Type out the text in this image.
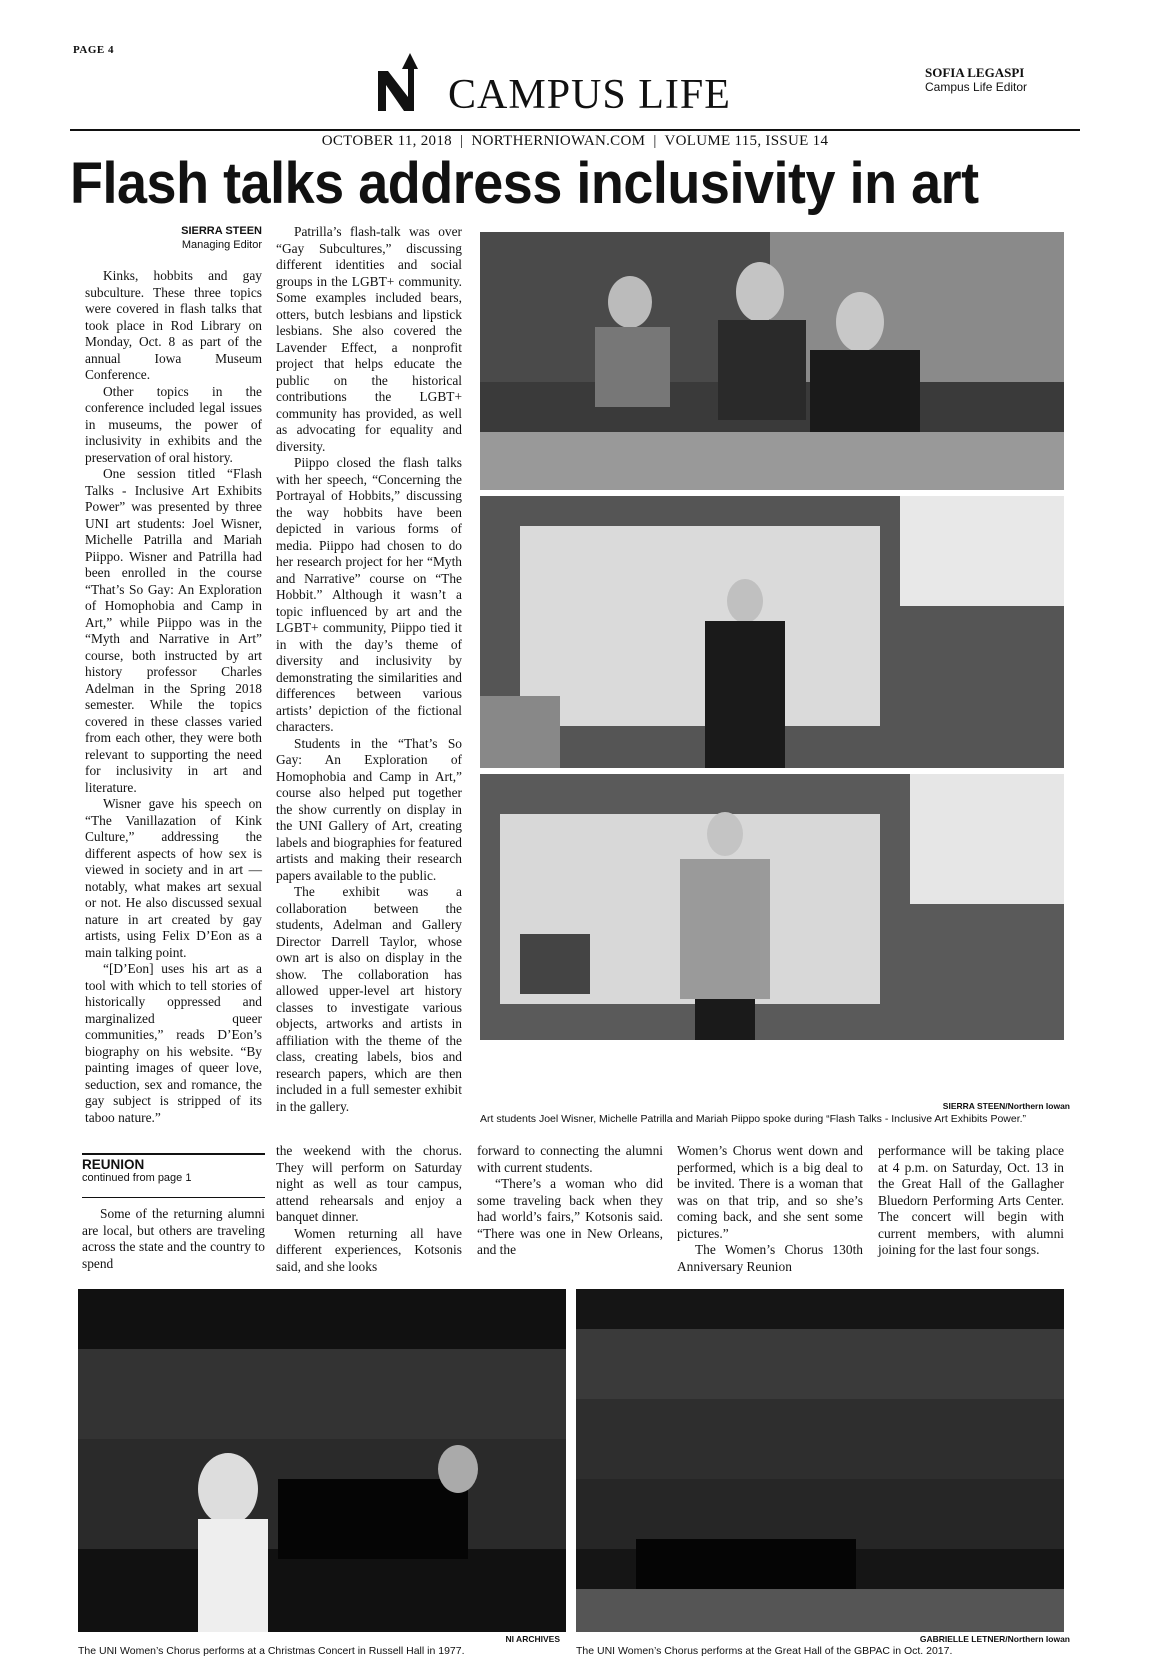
PAGE 4
CAMPUS LIFE	SOFIA LEGASPI
Campus Life Editor
OCTOBER 11, 2018  |  NORTHERNIOWAN.COM  |  VOLUME 115, ISSUE 14
Flash talks address inclusivity in art
SIERRA STEEN
Managing Editor

Kinks, hobbits and gay subculture. These three topics were covered in flash talks that took place in Rod Library on Monday, Oct. 8 as part of the annual Iowa Museum Conference.

Other topics in the conference included legal issues in museums, the power of inclusivity in exhibits and the preservation of oral history.

One session titled “Flash Talks - Inclusive Art Exhibits Power” was presented by three UNI art students: Joel Wisner, Michelle Patrilla and Mariah Piippo. Wisner and Patrilla had been enrolled in the course “That’s So Gay: An Exploration of Homophobia and Camp in Art,” while Piippo was in the “Myth and Narrative in Art” course, both instructed by art history professor Charles Adelman in the Spring 2018 semester. While the topics covered in these classes varied from each other, they were both relevant to supporting the need for inclusivity in art and literature.

Wisner gave his speech on “The Vanillazation of Kink Culture,” addressing the different aspects of how sex is viewed in society and in art — notably, what makes art sexual or not. He also discussed sexual nature in art created by gay artists, using Felix D’Eon as a main talking point.

“[D’Eon] uses his art as a tool with which to tell stories of historically oppressed and marginalized queer communities,” reads D’Eon’s biography on his website. “By painting images of queer love, seduction, sex and romance, the gay subject is stripped of its taboo nature.”

Patrilla’s flash-talk was over “Gay Subcultures,” discussing different identities and social groups in the LGBT+ community. Some examples included bears, otters, butch lesbians and lipstick lesbians. She also covered the Lavender Effect, a nonprofit project that helps educate the public on the historical contributions the LGBT+ community has provided, as well as advocating for equality and diversity.

Piippo closed the flash talks with her speech, “Concerning the Portrayal of Hobbits,” discussing the way hobbits have been depicted in various forms of media. Piippo had chosen to do her research project for her “Myth and Narrative” course on “The Hobbit.” Although it wasn’t a topic influenced by art and the LGBT+ community, Piippo tied it in with the day’s theme of diversity and inclusivity by demonstrating the similarities and differences between various artists’ depiction of the fictional characters.

Students in the “That’s So Gay: An Exploration of Homophobia and Camp in Art,” course also helped put together the show currently on display in the UNI Gallery of Art, creating labels and biographies for featured artists and making their research papers available to the public.

The exhibit was a collaboration between the students, Adelman and Gallery Director Darrell Taylor, whose own art is also on display in the show. The collaboration has allowed upper-level art history classes to investigate various objects, artworks and artists in affiliation with the theme of the class, creating labels, bios and research papers, which are then included in a full semester exhibit in the gallery.	SIERRA STEEN/Northern Iowan
Art students Joel Wisner, Michelle Patrilla and Mariah Piippo spoke during “Flash Talks - Inclusive Art Exhibits Power.”
REUNION
continued from page 1

Some of the returning alumni are local, but others are traveling across the state and the country to spend

the weekend with the chorus. They will perform on Saturday night as well as tour campus, attend rehearsals and enjoy a banquet dinner.

Women returning all have different experiences, Kotsonis said, and she looks

forward to connecting the alumni with current students.

“There’s a woman who did some traveling back when they had world’s fairs,” Kotsonis said. “There was one in New Orleans, and the

Women’s Chorus went down and performed, which is a big deal to be invited. There is a woman that was on that trip, and so she’s coming back, and she sent some pictures.”

The Women’s Chorus 130th Anniversary Reunion

performance will be taking place at 4 p.m. on Saturday, Oct. 13 in the Great Hall of the Gallagher Bluedorn Performing Arts Center. The concert will begin with current members, with alumni joining for the last four songs.

NI ARCHIVES
The UNI Women’s Chorus performs at a Christmas Concert in Russell Hall in 1977.
GABRIELLE LETNER/Northern Iowan
The UNI Women’s Chorus performs at the Great Hall of the GBPAC in Oct. 2017.
